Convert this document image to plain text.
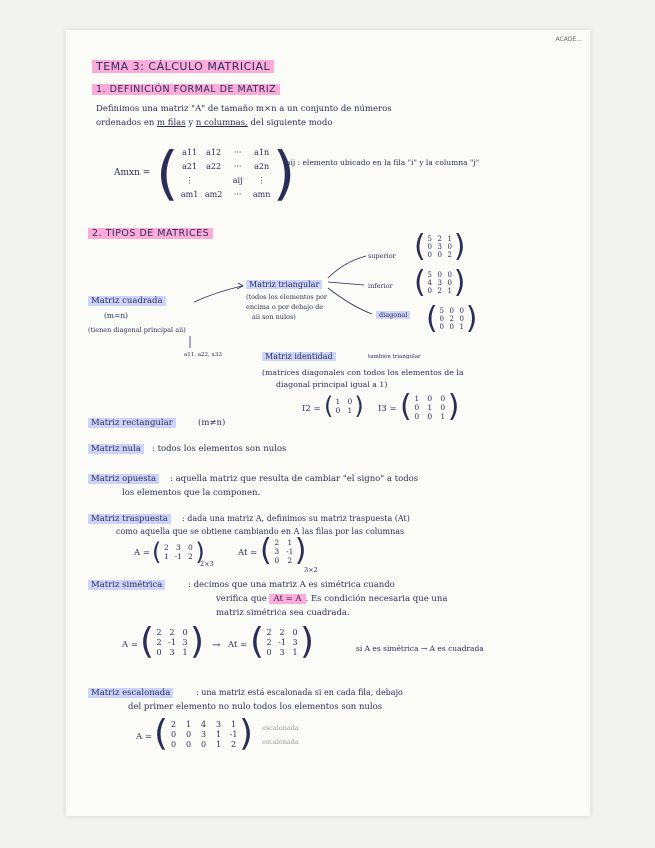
ACADE...
TEMA 3: CÁLCULO MATRICIAL
1. DEFINICIÓN FORMAL DE MATRIZ
Definimos una matriz "A" de tamaño m×n a un conjunto de números
ordenados en m filas y n columnas, del siguiente modo
Amxn = ( a11	a12	···	a1n
a21	a22	···	a2n
⋮	aij	⋮
am1 am2	···	amn )
aij : elemento ubicado en la fila "i" y la columna "j"
2. TIPOS DE MATRICES
Matriz cuadrada
(m=n)
(tienen diagonal principal aii)
a11, a22, a33
Matriz triangular
(todos los elementos por
encima o por debajo de
aii son nulos)
superior
inferior
diagonal
( 5 2 1
0 3 0
0 0 2 )
( 5 0 0
4 3 0
0 2 1 )
( 5 0 0
0 2 0
0 0 1 )
Matriz identidad	también triangular
(matrices diagonales con todos los elementos de la
diagonal principal igual a 1)
I2 = ( 1 0
0 1 ) I3 = ( 1	0	0
0	1	0
0	0	1 )
Matriz rectangular	(m≠n)
Matriz nula	: todos los elementos son nulos
Matriz opuesta	: aquella matriz que resulta de cambiar "el signo" a todos
los elementos que la componen.
Matriz traspuesta	: dada una matriz A, definimos su matriz traspuesta (At)
como aquella que se obtiene cambiando en A las filas por las columnas
A = ( 2 3 0
1 -1 2 )
2×3
At = ( 2	1
3 -1
0	2 )
3×2
Matriz simétrica	: decimos que una matriz A es simétrica cuando
verifica que At = A . Es condición necesaria que una
matriz simétrica sea cuadrada.
A = ( 2 2 0
2 -1 3
0 3 1 ) → At = ( 2 2 0
2 -1 3
0 3 1 )	si A es simétrica → A es cuadrada
Matriz escalonada	: una matriz está escalonada si en cada fila, debajo
del primer elemento no nulo todos los elementos son nulos
A = ( 2	1	4	3	1
0	0	3	1	-1
0	0	0	1	2 ) escalonada
escalonada
